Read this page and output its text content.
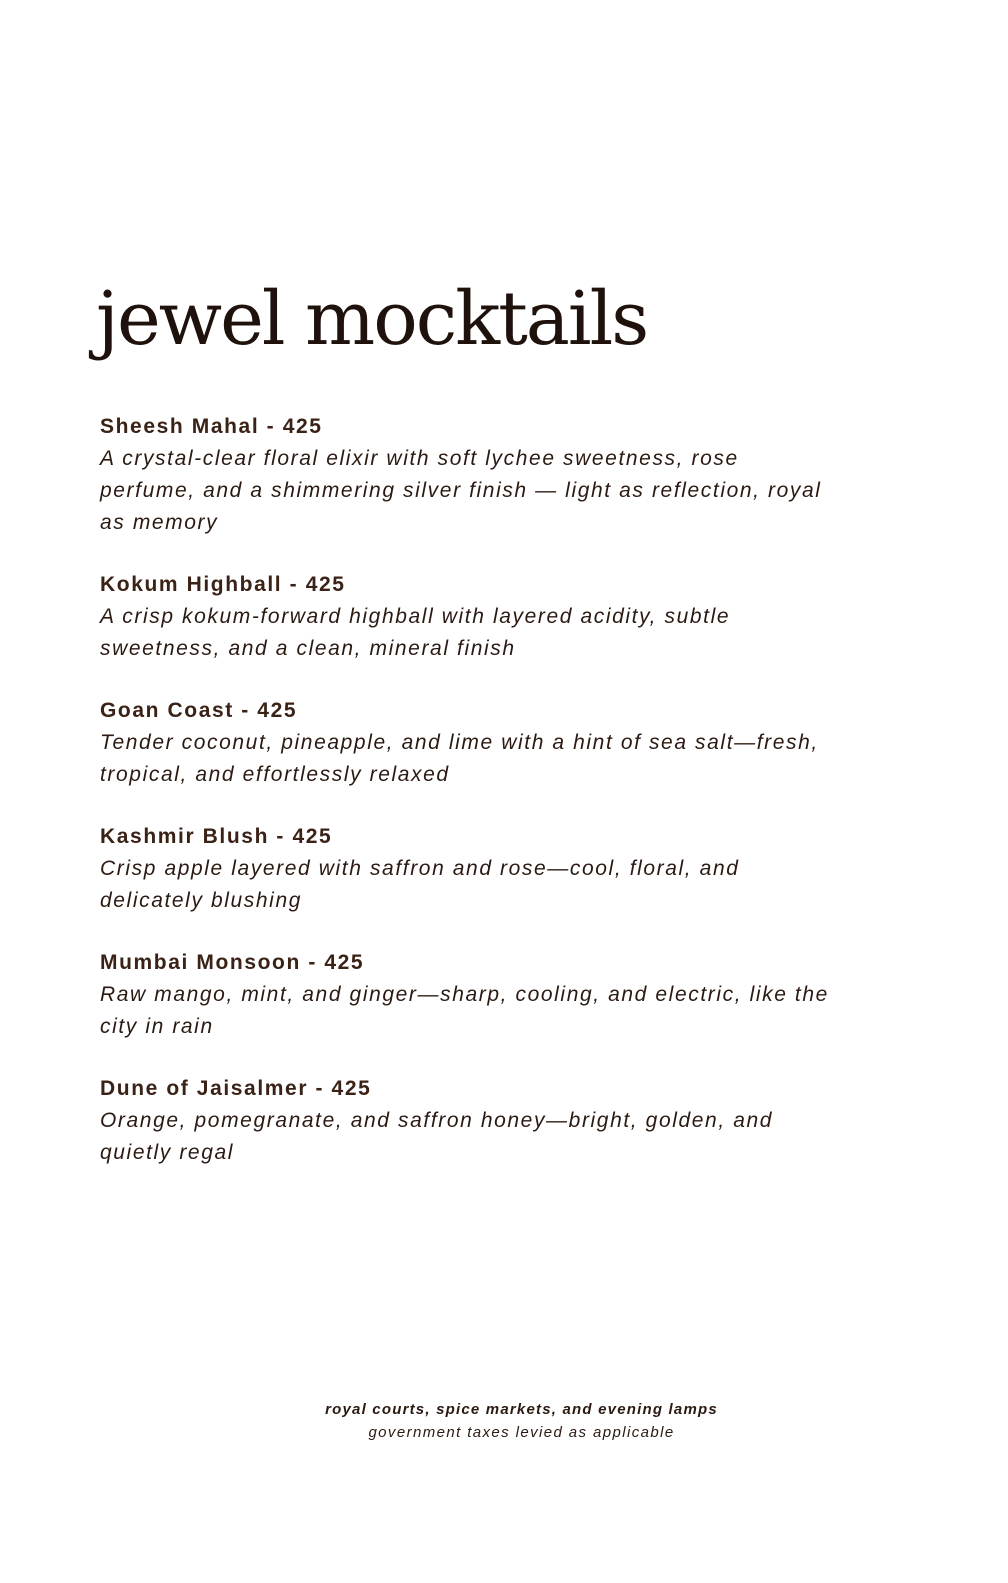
jewel mocktails
Sheesh Mahal - 425
A crystal-clear floral elixir with soft lychee sweetness, rose perfume, and a shimmering silver finish — light as reflection, royal as memory
Kokum Highball - 425
A crisp kokum-forward highball with layered acidity, subtle sweetness, and a clean, mineral finish
Goan Coast - 425
Tender coconut, pineapple, and lime with a hint of sea salt—fresh, tropical, and effortlessly relaxed
Kashmir Blush - 425
Crisp apple layered with saffron and rose—cool, floral, and delicately blushing
Mumbai Monsoon - 425
Raw mango, mint, and ginger—sharp, cooling, and electric, like the city in rain
Dune of Jaisalmer - 425
Orange, pomegranate, and saffron honey—bright, golden, and quietly regal
royal courts, spice markets, and evening lamps
government taxes levied as applicable
